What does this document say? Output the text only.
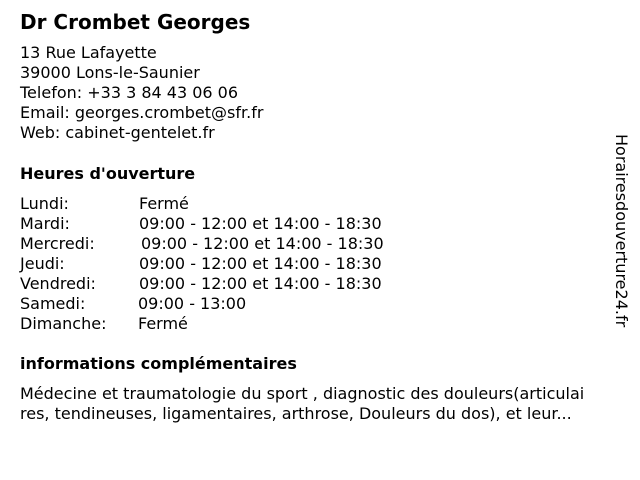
Dr Crombet Georges
13 Rue Lafayette
39000 Lons-le-Saunier
Telefon: +33 3 84 43 06 06
Email: georges.crombet@sfr.fr
Web: cabinet-gentelet.fr
Heures d'ouverture
Lundi:	Fermé
Mardi:	09:00 - 12:00 et 14:00 - 18:30
Mercredi:	09:00 - 12:00 et 14:00 - 18:30
Jeudi:	09:00 - 12:00 et 14:00 - 18:30
Vendredi:	09:00 - 12:00 et 14:00 - 18:30
Samedi:	09:00 - 13:00
Dimanche: Fermé
informations complémentaires
Médecine et traumatologie du sport , diagnostic des douleurs(articulai
res, tendineuses, ligamentaires, arthrose, Douleurs du dos), et leur...
Horairesdouverture24.fr
